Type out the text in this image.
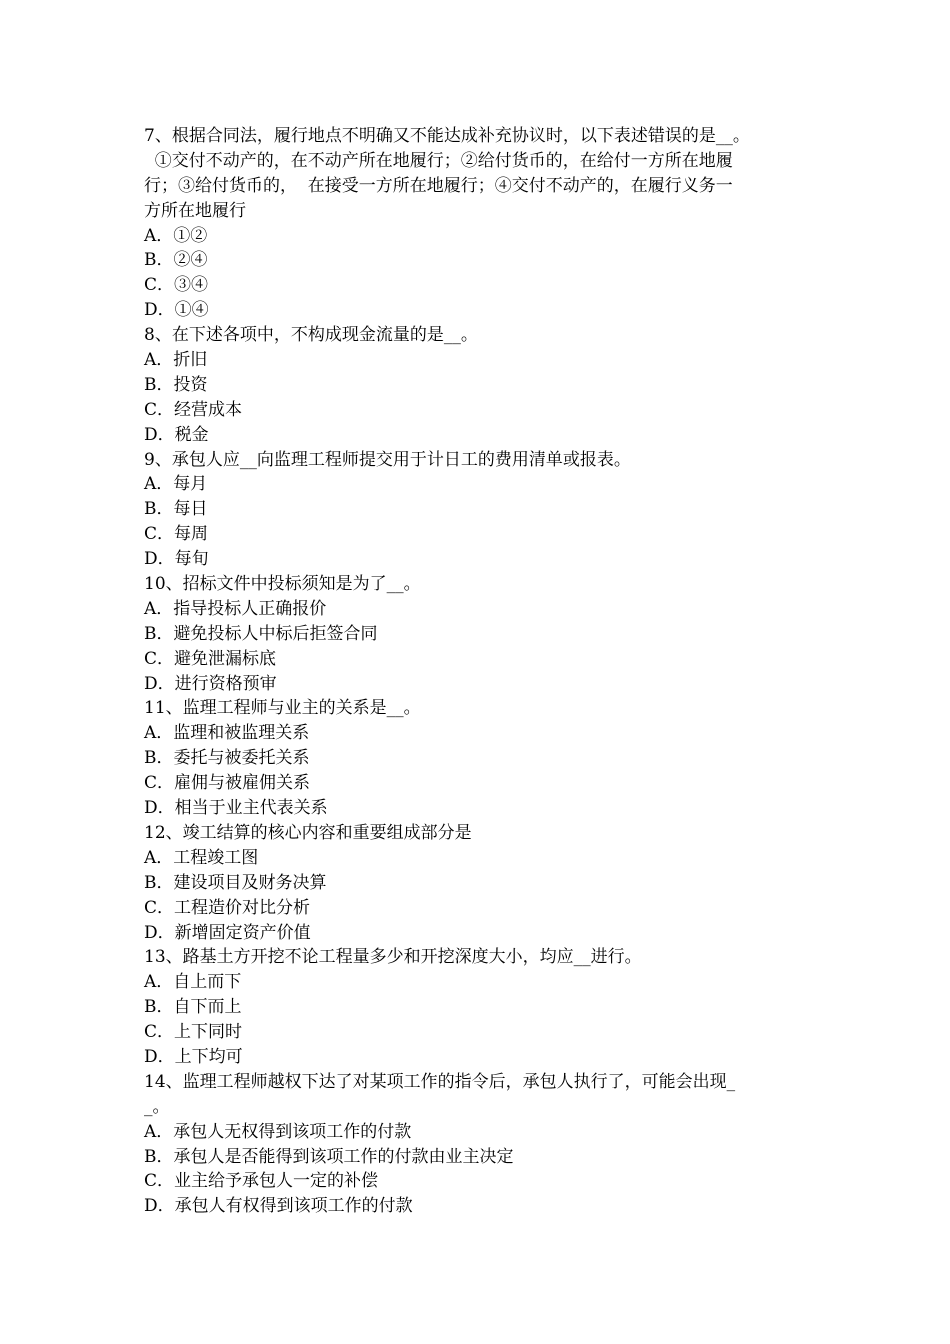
7、根据合同法，履行地点不明确又不能达成补充协议时，以下表述错误的是__。
①交付不动产的，在不动产所在地履行；②给付货币的，在给付一方所在地履
行；③给付货币的，  在接受一方所在地履行；④交付不动产的，在履行义务一
方所在地履行
A．①②
B．②④
C．③④
D．①④
8、在下述各项中，不构成现金流量的是__。
A．折旧
B．投资
C．经营成本
D．税金
9、承包人应__向监理工程师提交用于计日工的费用清单或报表。
A．每月
B．每日
C．每周
D．每旬
10、招标文件中投标须知是为了__。
A．指导投标人正确报价
B．避免投标人中标后拒签合同
C．避免泄漏标底
D．进行资格预审
11、监理工程师与业主的关系是__。
A．监理和被监理关系
B．委托与被委托关系
C．雇佣与被雇佣关系
D．相当于业主代表关系
12、竣工结算的核心内容和重要组成部分是
A．工程竣工图
B．建设项目及财务决算
C．工程造价对比分析
D．新增固定资产价值
13、路基土方开挖不论工程量多少和开挖深度大小，均应__进行。
A．自上而下
B．自下而上
C．上下同时
D．上下均可
14、监理工程师越权下达了对某项工作的指令后，承包人执行了，可能会出现_
_。
A．承包人无权得到该项工作的付款
B．承包人是否能得到该项工作的付款由业主决定
C．业主给予承包人一定的补偿
D．承包人有权得到该项工作的付款
